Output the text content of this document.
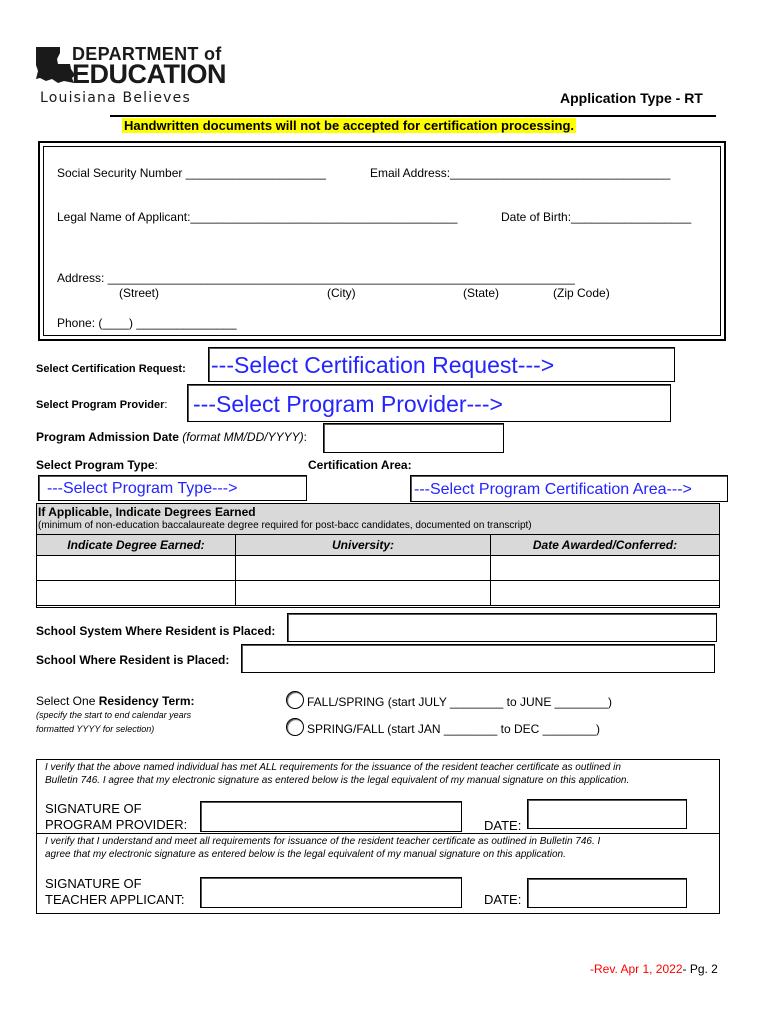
DEPARTMENT of
EDUCATION
Louisiana Believes	Application Type - RT
Handwritten documents will not be accepted for certification processing.
Social Security Number _____________________	Email Address:_________________________________
Legal Name of Applicant:________________________________________	Date of Birth:__________________
Address: ______________________________________________________________________
(Street)	(City)	(State)	(Zip Code)
Phone: (____) _______________
Select Certification Request: ---Select Certification Request--->
Select Program Provider: ---Select Program Provider--->
Program Admission Date (format MM/DD/YYYY):
Select Program Type:	Certification Area:
---Select Program Type--->	---Select Program Certification Area--->
If Applicable, Indicate Degrees Earned
(minimum of non-education baccalaureate degree required for post-bacc candidates, documented on transcript)
Indicate Degree Earned:	University:	Date Awarded/Conferred:

School System Where Resident is Placed:
School Where Resident is Placed:
Select One Residency Term:
(specify the start to end calendar years
formatted YYYY for selection)
FALL/SPRING (start JULY ________ to JUNE ________)
SPRING/FALL (start JAN ________ to DEC ________)
I verify that the above named individual has met ALL requirements for the issuance of the resident teacher certificate as outlined in
Bulletin 746. I agree that my electronic signature as entered below is the legal equivalent of my manual signature on this application.
SIGNATURE OF
PROGRAM PROVIDER:	DATE:
I verify that I understand and meet all requirements for issuance of the resident teacher certificate as outlined in Bulletin 746. I
agree that my electronic signature as entered below is the legal equivalent of my manual signature on this application.
SIGNATURE OF
TEACHER APPLICANT:	DATE:
-Rev. Apr 1, 2022- Pg. 2
